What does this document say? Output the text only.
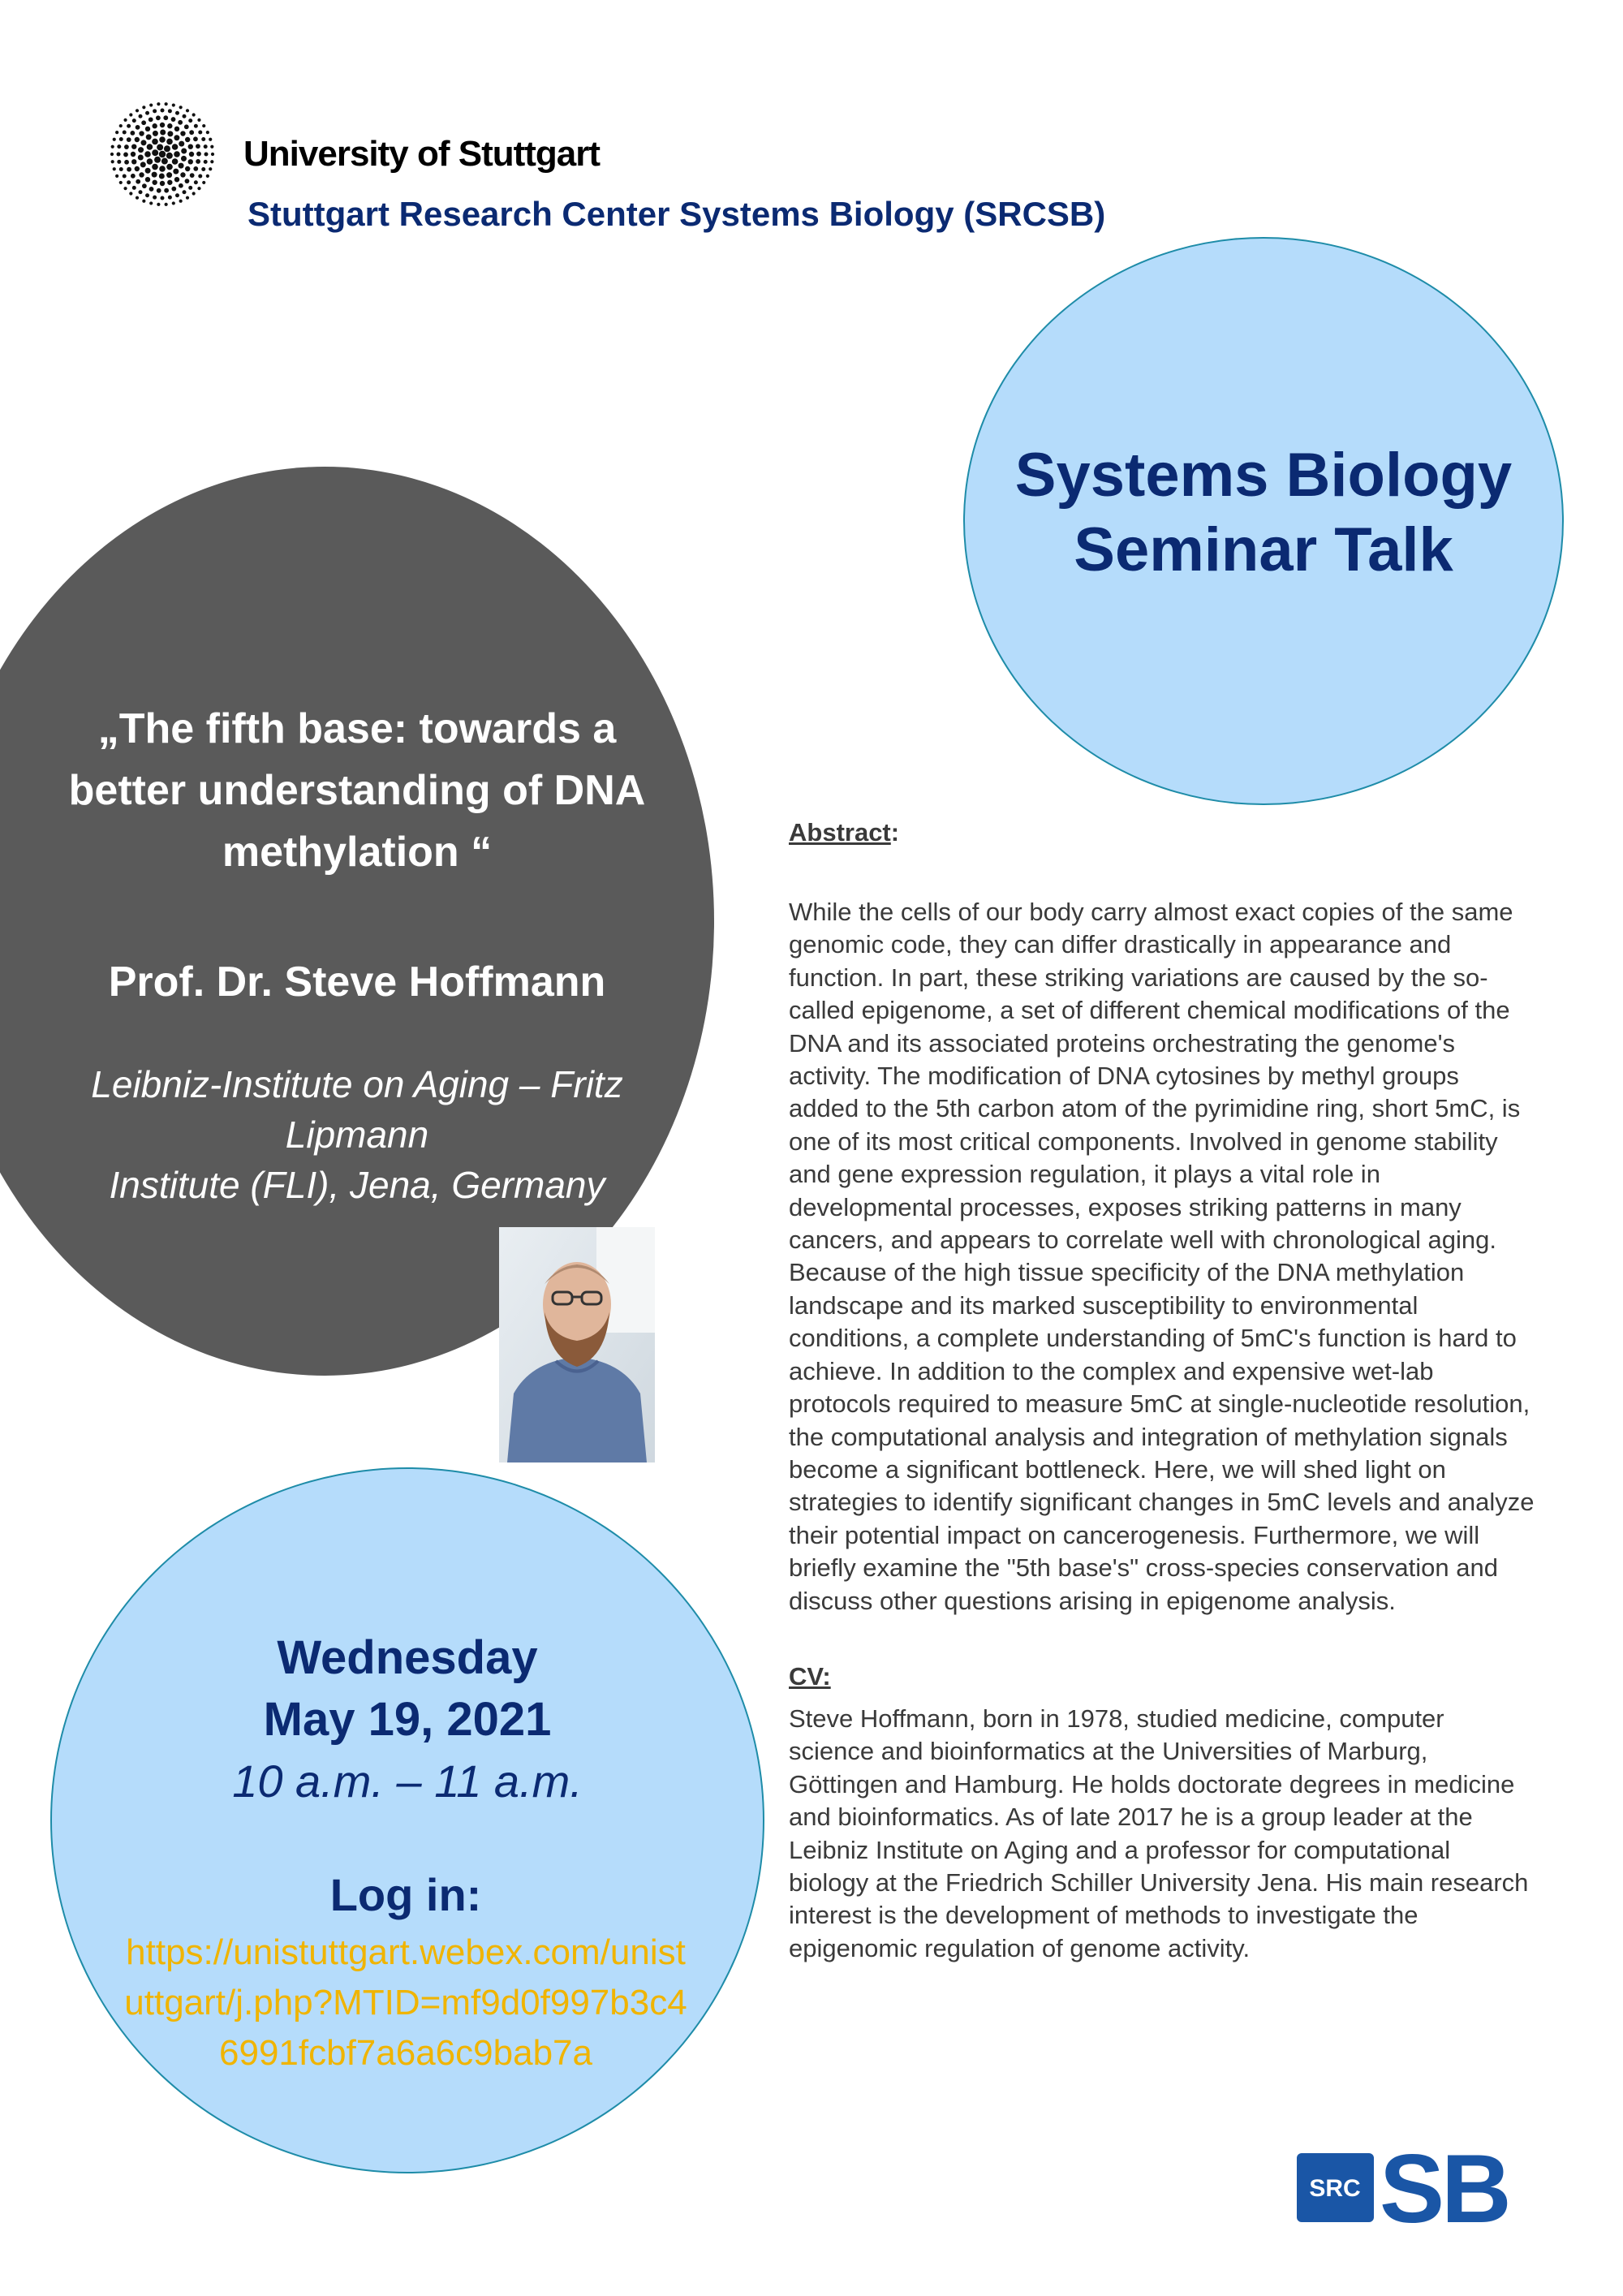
University of Stuttgart
Stuttgart Research Center Systems Biology (SRCSB)
Systems Biology
Seminar Talk
„The fifth base: towards a
better understanding of DNA
methylation “
Prof. Dr. Steve Hoffmann
Leibniz-Institute on Aging – Fritz
Lipmann
Institute (FLI), Jena, Germany
Wednesday
May 19, 2021
10 a.m. – 11 a.m.
Log in:
https://unistuttgart.webex.com/unistuttgart/j.php?MTID=mf9d0f997b3c46991fcbf7a6a6c9bab7a
Abstract:
While the cells of our body carry almost exact copies of the same
genomic code, they can differ drastically in appearance and
function. In part, these striking variations are caused by the so-
called epigenome, a set of different chemical modifications of the
DNA and its associated proteins orchestrating the genome's
activity. The modification of DNA cytosines by methyl groups
added to the 5th carbon atom of the pyrimidine ring, short 5mC, is
one of its most critical components. Involved in genome stability
and gene expression regulation, it plays a vital role in
developmental processes, exposes striking patterns in many
cancers, and appears to correlate well with chronological aging.
Because of the high tissue specificity of the DNA methylation
landscape and its marked susceptibility to environmental
conditions, a complete understanding of 5mC's function is hard to
achieve. In addition to the complex and expensive wet-lab
protocols required to measure 5mC at single-nucleotide resolution,
the computational analysis and integration of methylation signals
become a significant bottleneck. Here, we will shed light on
strategies to identify significant changes in 5mC levels and analyze
their potential impact on cancerogenesis. Furthermore, we will
briefly examine the "5th base's" cross-species conservation and
discuss other questions arising in epigenome analysis.
CV:
Steve Hoffmann, born in 1978, studied medicine, computer
science and bioinformatics at the Universities of Marburg,
Göttingen and Hamburg. He holds doctorate degrees in medicine
and bioinformatics. As of late 2017 he is a group leader at the
Leibniz Institute on Aging and a professor for computational
biology at the Friedrich Schiller University Jena. His main research
interest is the development of methods to investigate the
epigenomic regulation of genome activity.
SRC SB
